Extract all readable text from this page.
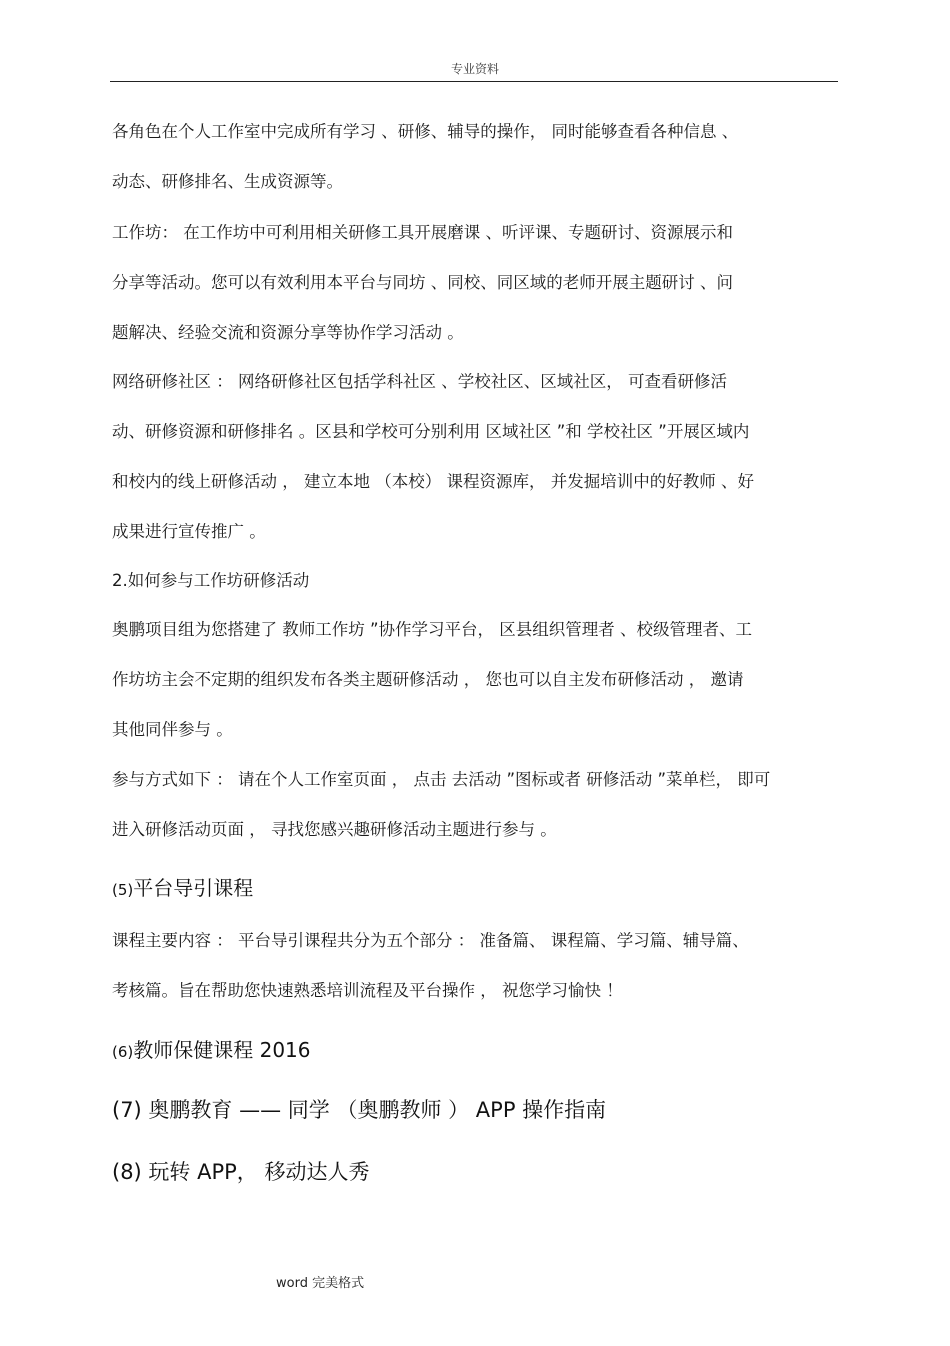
专业资料
各角色在个人工作室中完成所有学习 、研修、辅导的操作， 同时能够查看各种信息 、
动态、研修排名、生成资源等。
工作坊： 在工作坊中可利用相关研修工具开展磨课 、听评课、专题研讨、资源展示和
分享等活动。您可以有效利用本平台与同坊 、同校、同区域的老师开展主题研讨 、问
题解决、经验交流和资源分享等协作学习活动 。
网络研修社区 ： 网络研修社区包括学科社区 、学校社区、区域社区， 可查看研修活
动、研修资源和研修排名 。区县和学校可分别利用 区域社区 ”和 学校社区 ”开展区域内
和校内的线上研修活动 ， 建立本地 （本校） 课程资源库， 并发掘培训中的好教师 、好
成果进行宣传推广 。
2.如何参与工作坊研修活动
奥鹏项目组为您搭建了 教师工作坊 ”协作学习平台， 区县组织管理者 、校级管理者、工
作坊坊主会不定期的组织发布各类主题研修活动 ， 您也可以自主发布研修活动 ， 邀请
其他同伴参与 。
参与方式如下 ： 请在个人工作室页面 ， 点击 去活动 ”图标或者 研修活动 ”菜单栏， 即可
进入研修活动页面 ， 寻找您感兴趣研修活动主题进行参与 。
(5)平台导引课程
课程主要内容 ： 平台导引课程共分为五个部分 ： 准备篇、 课程篇、学习篇、辅导篇、
考核篇。旨在帮助您快速熟悉培训流程及平台操作 ， 祝您学习愉快 ！
(6)教师保健课程 2016
(7) 奥鹏教育 —— 同学 （奥鹏教师 ） APP 操作指南
(8) 玩转 APP， 移动达人秀
word 完美格式
